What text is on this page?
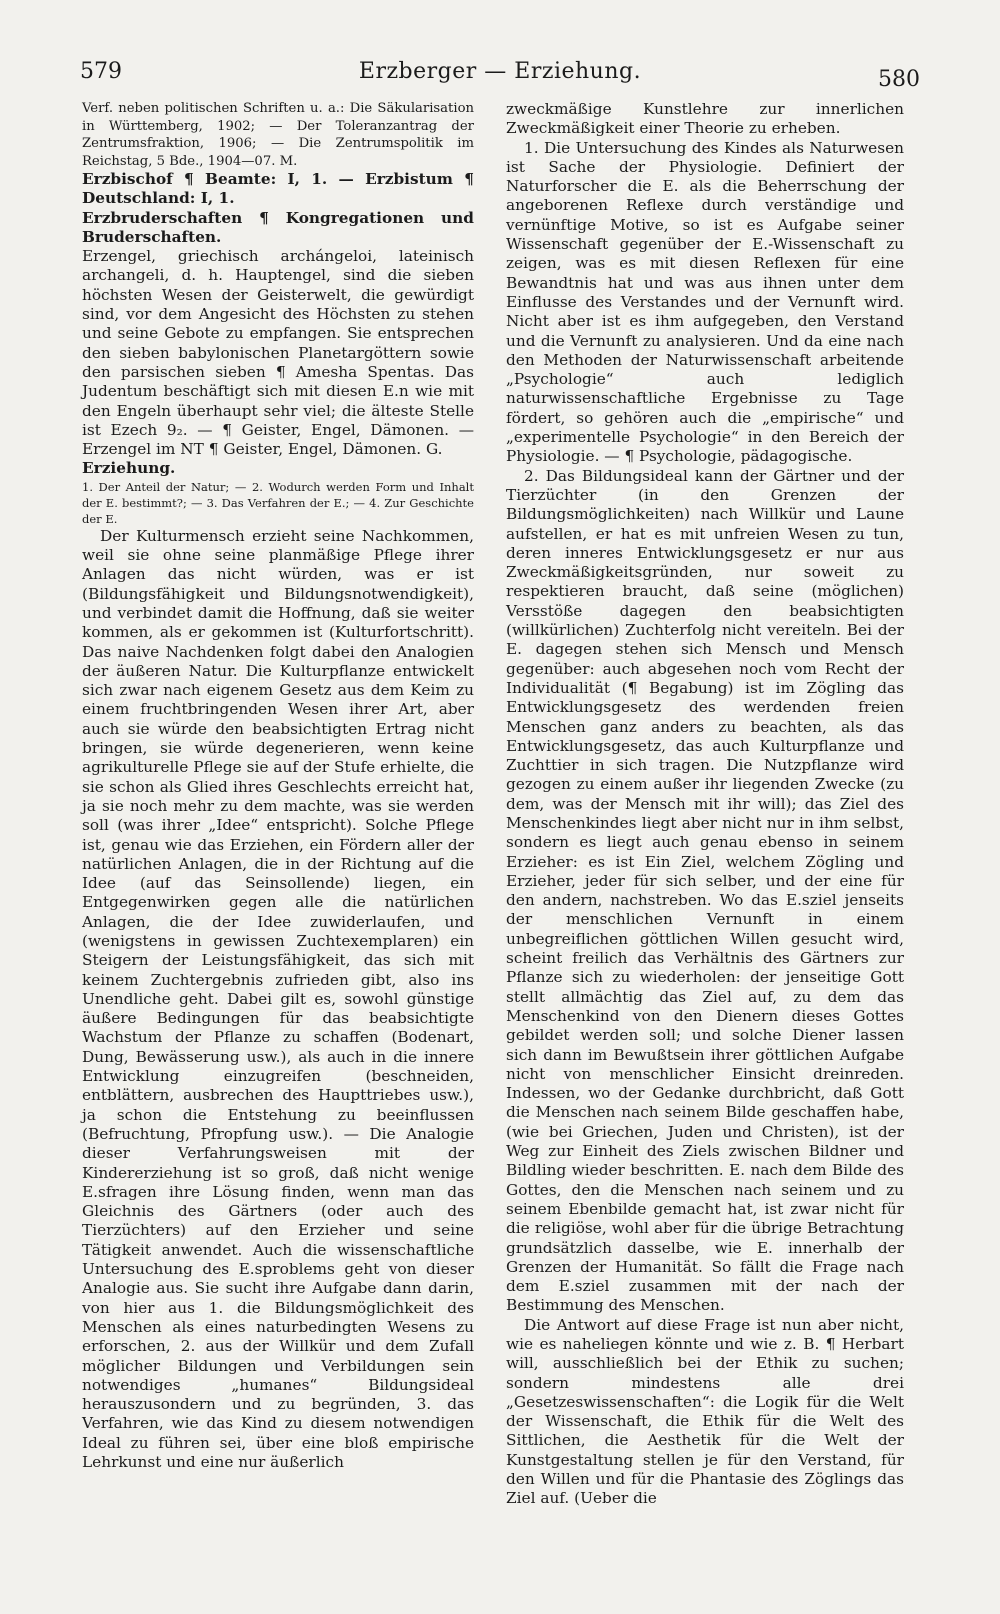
579	Erzberger — Erziehung.	580

Verf. neben politischen Schriften u. a.: Die Säkularisation in Württemberg, 1902; — Der Toleranzantrag der Zentrumsfraktion, 1906; — Die Zentrumspolitik im Reichstag, 5 Bde., 1904—07. M.

Erzbischof ¶ Beamte: I, 1. — Erzbistum ¶ Deutschland: I, 1.

Erzbruderschaften ¶ Kongregationen und Bruderschaften.

Erzengel, griechisch archángeloi, lateinisch archangeli, d. h. Hauptengel, sind die sieben höchsten Wesen der Geisterwelt, die gewürdigt sind, vor dem Angesicht des Höchsten zu stehen und seine Gebote zu empfangen. Sie entsprechen den sieben babylonischen Planetargöttern sowie den parsischen sieben ¶ Amesha Spentas. Das Judentum beschäftigt sich mit diesen E.n wie mit den Engeln überhaupt sehr viel; die älteste Stelle ist Ezech 9₂. — ¶ Geister, Engel, Dämonen. — Erzengel im NT ¶ Geister, Engel, Dämonen. G.

Erziehung.

1. Der Anteil der Natur; — 2. Wodurch werden Form und Inhalt der E. bestimmt?; — 3. Das Verfahren der E.; — 4. Zur Geschichte der E.

Der Kulturmensch erzieht seine Nachkommen, weil sie ohne seine planmäßige Pflege ihrer Anlagen das nicht würden, was er ist (Bildungsfähigkeit und Bildungsnotwendigkeit), und verbindet damit die Hoffnung, daß sie weiter kommen, als er gekommen ist (Kulturfortschritt). Das naive Nachdenken folgt dabei den Analogien der äußeren Natur. Die Kulturpflanze entwickelt sich zwar nach eigenem Gesetz aus dem Keim zu einem fruchtbringenden Wesen ihrer Art, aber auch sie würde den beabsichtigten Ertrag nicht bringen, sie würde degenerieren, wenn keine agrikulturelle Pflege sie auf der Stufe erhielte, die sie schon als Glied ihres Geschlechts erreicht hat, ja sie noch mehr zu dem machte, was sie werden soll (was ihrer „Idee“ entspricht). Solche Pflege ist, genau wie das Erziehen, ein Fördern aller der natürlichen Anlagen, die in der Richtung auf die Idee (auf das Seinsollende) liegen, ein Entgegenwirken gegen alle die natürlichen Anlagen, die der Idee zuwiderlaufen, und (wenigstens in gewissen Zuchtexemplaren) ein Steigern der Leistungsfähigkeit, das sich mit keinem Zuchtergebnis zufrieden gibt, also ins Unendliche geht. Dabei gilt es, sowohl günstige äußere Bedingungen für das beabsichtigte Wachstum der Pflanze zu schaffen (Bodenart, Dung, Bewässerung usw.), als auch in die innere Entwicklung einzugreifen (beschneiden, entblättern, ausbrechen des Haupttriebes usw.), ja schon die Entstehung zu beeinflussen (Befruchtung, Pfropfung usw.). — Die Analogie dieser Verfahrungsweisen mit der Kindererziehung ist so groß, daß nicht wenige E.sfragen ihre Lösung finden, wenn man das Gleichnis des Gärtners (oder auch des Tierzüchters) auf den Erzieher und seine Tätigkeit anwendet. Auch die wissenschaftliche Untersuchung des E.sproblems geht von dieser Analogie aus. Sie sucht ihre Aufgabe dann darin, von hier aus 1. die Bildungsmöglichkeit des Menschen als eines naturbedingten Wesens zu erforschen, 2. aus der Willkür und dem Zufall möglicher Bildungen und Verbildungen sein notwendiges „humanes“ Bildungsideal herauszusondern und zu begründen, 3. das Verfahren, wie das Kind zu diesem notwendigen Ideal zu führen sei, über eine bloß empirische Lehrkunst und eine nur äußerlich

zweckmäßige Kunstlehre zur innerlichen Zweckmäßigkeit einer Theorie zu erheben.

1. Die Untersuchung des Kindes als Naturwesen ist Sache der Physiologie. Definiert der Naturforscher die E. als die Beherrschung der angeborenen Reflexe durch verständige und vernünftige Motive, so ist es Aufgabe seiner Wissenschaft gegenüber der E.-Wissenschaft zu zeigen, was es mit diesen Reflexen für eine Bewandtnis hat und was aus ihnen unter dem Einflusse des Verstandes und der Vernunft wird. Nicht aber ist es ihm aufgegeben, den Verstand und die Vernunft zu analysieren. Und da eine nach den Methoden der Naturwissenschaft arbeitende „Psychologie“ auch lediglich naturwissenschaftliche Ergebnisse zu Tage fördert, so gehören auch die „empirische“ und „experimentelle Psychologie“ in den Bereich der Physiologie. — ¶ Psychologie, pädagogische.

2. Das Bildungsideal kann der Gärtner und der Tierzüchter (in den Grenzen der Bildungsmöglichkeiten) nach Willkür und Laune aufstellen, er hat es mit unfreien Wesen zu tun, deren inneres Entwicklungsgesetz er nur aus Zweckmäßigkeitsgründen, nur soweit zu respektieren braucht, daß seine (möglichen) Versstöße dagegen den beabsichtigten (willkürlichen) Zuchterfolg nicht vereiteln. Bei der E. dagegen stehen sich Mensch und Mensch gegenüber: auch abgesehen noch vom Recht der Individualität (¶ Begabung) ist im Zögling das Entwicklungsgesetz des werdenden freien Menschen ganz anders zu beachten, als das Entwicklungsgesetz, das auch Kulturpflanze und Zuchttier in sich tragen. Die Nutzpflanze wird gezogen zu einem außer ihr liegenden Zwecke (zu dem, was der Mensch mit ihr will); das Ziel des Menschenkindes liegt aber nicht nur in ihm selbst, sondern es liegt auch genau ebenso in seinem Erzieher: es ist Ein Ziel, welchem Zögling und Erzieher, jeder für sich selber, und der eine für den andern, nachstreben. Wo das E.sziel jenseits der menschlichen Vernunft in einem unbegreiflichen göttlichen Willen gesucht wird, scheint freilich das Verhältnis des Gärtners zur Pflanze sich zu wiederholen: der jenseitige Gott stellt allmächtig das Ziel auf, zu dem das Menschenkind von den Dienern dieses Gottes gebildet werden soll; und solche Diener lassen sich dann im Bewußtsein ihrer göttlichen Aufgabe nicht von menschlicher Einsicht dreinreden. Indessen, wo der Gedanke durchbricht, daß Gott die Menschen nach seinem Bilde geschaffen habe, (wie bei Griechen, Juden und Christen), ist der Weg zur Einheit des Ziels zwischen Bildner und Bildling wieder beschritten. E. nach dem Bilde des Gottes, den die Menschen nach seinem und zu seinem Ebenbilde gemacht hat, ist zwar nicht für die religiöse, wohl aber für die übrige Betrachtung grundsätzlich dasselbe, wie E. innerhalb der Grenzen der Humanität. So fällt die Frage nach dem E.sziel zusammen mit der nach der Bestimmung des Menschen.

Die Antwort auf diese Frage ist nun aber nicht, wie es naheliegen könnte und wie z. B. ¶ Herbart will, ausschließlich bei der Ethik zu suchen; sondern mindestens alle drei „Gesetzeswissenschaften“: die Logik für die Welt der Wissenschaft, die Ethik für die Welt des Sittlichen, die Aesthetik für die Welt der Kunstgestaltung stellen je für den Verstand, für den Willen und für die Phantasie des Zöglings das Ziel auf. (Ueber die
